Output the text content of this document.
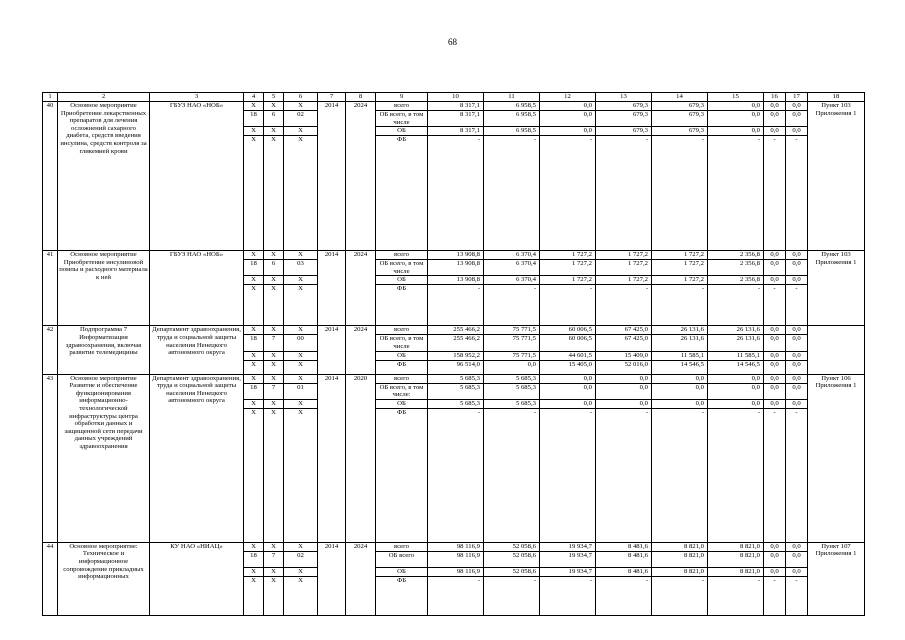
68
1	2	3	4	5	6	7	8	9	10	11	12	13	14	15	16	17	18
40	Основное мероприятие Приобретение лекарственных препаратов для лечения осложнений сахарного диабета, средств введения инсулина, средств контроля за гликемией крови	ГБУЗ НАО «НОБ»	Х	Х	Х	2014	2024	всего	8 317,1	6 958,5	0,0	679,3	679,3	0,0	0,0	0,0	Пункт 103 Приложения 1
			18	6	02			ОБ всего, в том числе	8 317,1	6 958,5	0,0	679,3	679,3	0,0	0,0	0,0	
			Х	Х	Х			ОБ	8 317,1	6 958,5	0,0	679,3	679,3	0,0	0,0	0,0	
			Х	Х	Х			ФБ	-	-	-	-	-	-	-	-	
41	Основное мероприятие Приобретение инсулиновой помпы и расходного материала к ней	ГБУЗ НАО «НОБ»	Х	Х	Х	2014	2024	всего	13 908,8	6 370,4	1 727,2	1 727,2	1 727,2	2 356,8	0,0	0,0	Пункт 103 Приложения 1
			18	6	03			ОБ всего, в том числе	13 908,8	6 370,4	1 727,2	1 727,2	1 727,2	2 356,8	0,0	0,0	
			Х	Х	Х			ОБ	13 908,8	6 370,4	1 727,2	1 727,2	1 727,2	2 356,8	0,0	0,0	
			Х	Х	Х			ФБ	-	-	-	-	-	-	-	-	
42	Подпрограмма 7 Информатизация здравоохранения, включая развитие телемедицины	Департамент здравоохранения, труда и социальной защиты населения Ненецкого автономного округа	Х	Х	Х	2014	2024	всего	255 466,2	75 771,5	60 006,5	67 425,0	26 131,6	26 131,6	0,0	0,0	
			18	7	00			ОБ всего, в том числе	255 466,2	75 771,5	60 006,5	67 425,0	26 131,6	26 131,6	0,0	0,0	
			Х	Х	Х			ОБ	158 952,2	75 771,5	44 601,5	15 409,0	11 585,1	11 585,1	0,0	0,0	
			Х	Х	Х			ФБ	96 514,0	0,0	15 405,0	52 016,0	14 546,5	14 546,5	0,0	0,0	
43	Основное мероприятие Развитие и обеспечение функционирования информационно-технологической инфраструктуры центра обработки данных и защищенной сети передачи данных учреждений здравоохранения	Департамент здравоохранения, труда и социальной защиты населения Ненецкого автономного округа	Х	Х	Х	2014	2020	всего	5 685,3	5 685,3	0,0	0,0	0,0	0,0	0,0	0,0	Пункт 106 Приложения 1
			18	7	01			ОБ всего, в том числе:	5 685,3	5 685,3	0,0	0,0	0,0	0,0	0,0	0,0	
			Х	Х	Х			ОБ	5 685,3	5 685,3	0,0	0,0	0,0	0,0	0,0	0,0	
			Х	Х	Х			ФБ	-	-	-	-	-	-	-	-	
44	Основное мероприятие: Техническое и информационное сопровождение прикладных информационных	КУ НАО «НИАЦ»	Х	Х	Х	2014	2024	всего	98 116,9	52 058,6	19 934,7	8 481,6	8 821,0	8 821,0	0,0	0,0	Пункт 107 Приложения 1
			18	7	02			ОБ всего	98 116,9	52 058,6	19 934,7	8 481,6	8 821,0	8 821,0	0,0	0,0	
			Х	Х	Х			ОБ	98 116,9	52 058,6	19 934,7	8 481,6	8 821,0	8 821,0	0,0	0,0	
			Х	Х	Х			ФБ	-	-	-	-	-	-	-	-	
